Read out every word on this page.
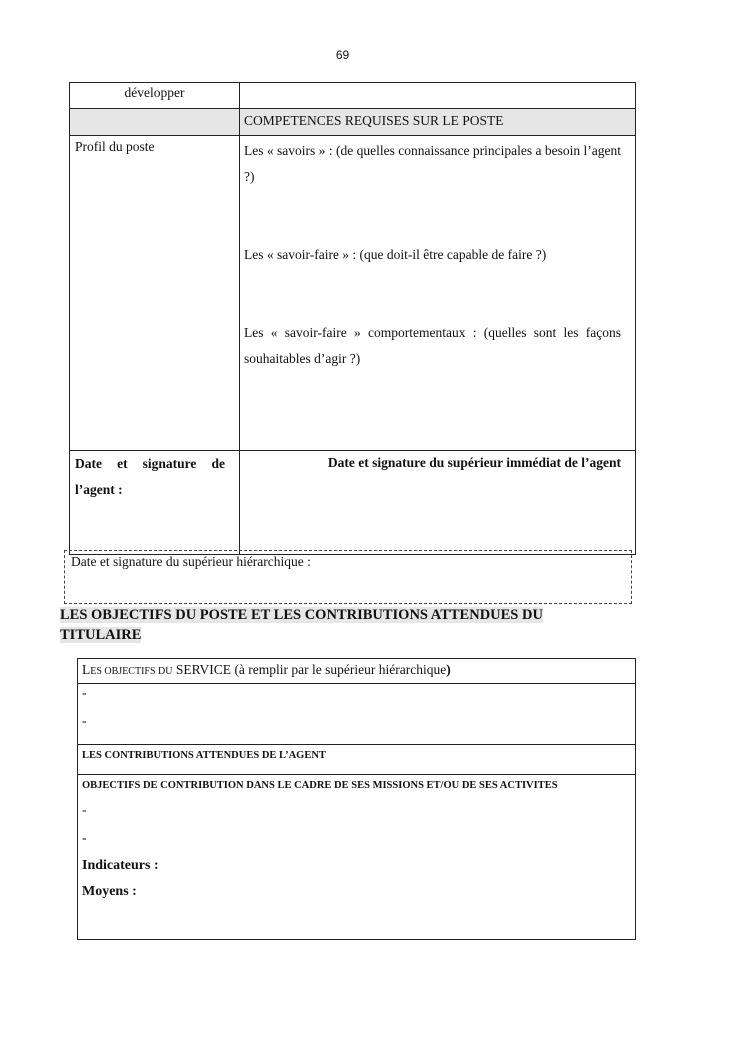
69
développer	
	COMPETENCES REQUISES SUR LE POSTE
Profil du poste	Les « savoirs » : (de quelles connaissance principales a besoin l’agent ?)
Les « savoir-faire » : (que doit-il être capable de faire ?)
Les « savoir-faire » comportementaux : (quelles sont les façons souhaitables d’agir ?)

Date et signature de l’agent :	Date et signature du supérieur immédiat de l’agent
Date et signature du supérieur hiérarchique :
LES OBJECTIFS DU POSTE ET LES CONTRIBUTIONS ATTENDUES DU TITULAIRE
LES OBJECTIFS DU SERVICE (à remplir par le supérieur hiérarchique)

-
-

LES CONTRIBUTIONS ATTENDUES DE L’AGENT

OBJECTIFS DE CONTRIBUTION DANS LE CADRE DE SES MISSIONS ET/OU DE SES ACTIVITES
-
-
Indicateurs :
Moyens :
